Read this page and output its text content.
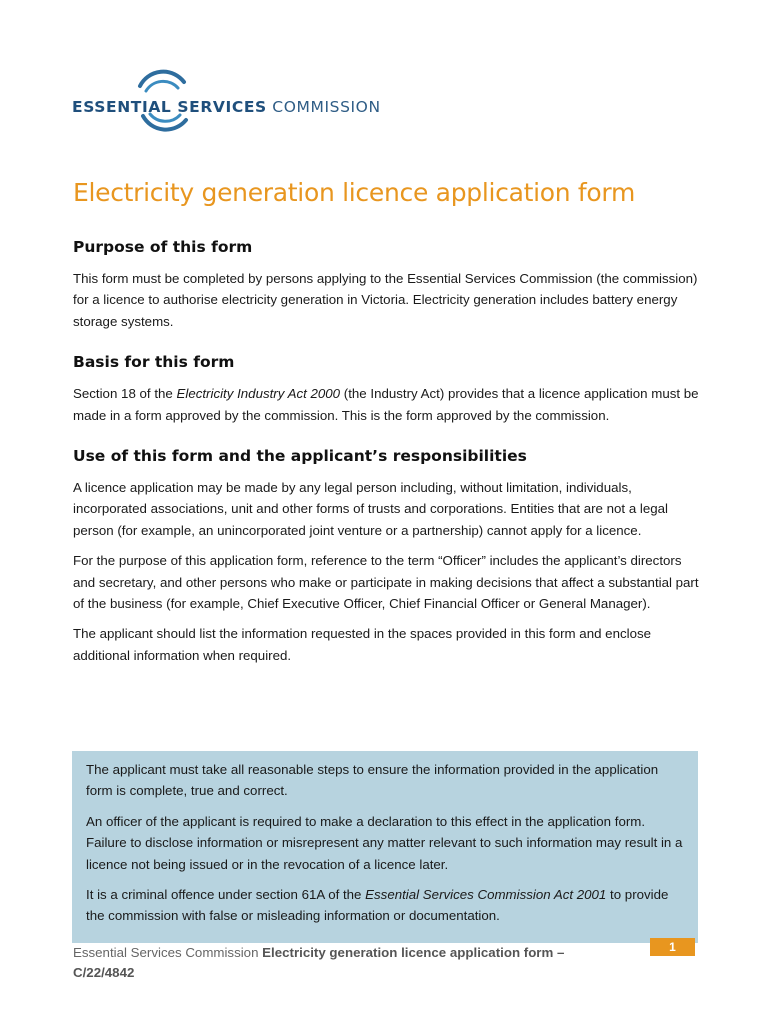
ESSENTIAL SERVICES COMMISSION
Electricity generation licence application form
Purpose of this form

This form must be completed by persons applying to the Essential Services Commission (the commission) for a licence to authorise electricity generation in Victoria. Electricity generation includes battery energy storage systems.

Basis for this form

Section 18 of the Electricity Industry Act 2000 (the Industry Act) provides that a licence application must be made in a form approved by the commission. This is the form approved by the commission.

Use of this form and the applicant’s responsibilities

A licence application may be made by any legal person including, without limitation, individuals, incorporated associations, unit and other forms of trusts and corporations. Entities that are not a legal person (for example, an unincorporated joint venture or a partnership) cannot apply for a licence.

For the purpose of this application form, reference to the term “Officer” includes the applicant’s directors and secretary, and other persons who make or participate in making decisions that affect a substantial part of the business (for example, Chief Executive Officer, Chief Financial Officer or General Manager).

The applicant should list the information requested in the spaces provided in this form and enclose additional information when required.

The applicant must take all reasonable steps to ensure the information provided in the application form is complete, true and correct.

An officer of the applicant is required to make a declaration to this effect in the application form. Failure to disclose information or misrepresent any matter relevant to such information may result in a licence not being issued or in the revocation of a licence later.

It is a criminal offence under section 61A of the Essential Services Commission Act 2001 to provide the commission with false or misleading information or documentation.

Essential Services Commission Electricity generation licence application form – C/22/4842
1
